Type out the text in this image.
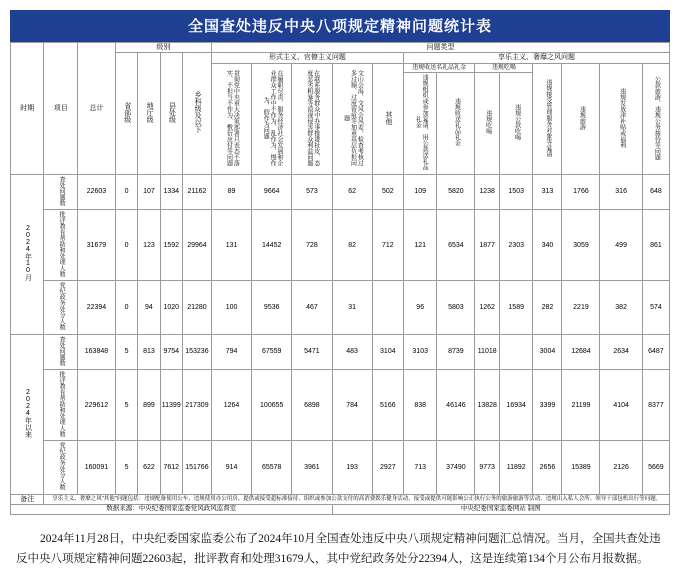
全国查处违反中央八项规定精神问题统计表
时期	项目	总计	级别				问题类型												
			省部级	地厅级	县处级	乡科级及以下	形式主义、官僚主义问题					享乐主义、奢靡之风问题							
							贯彻党中央重大决策部署只表态不落实、不担当不作为、敷衍应付等问题	在履职尽责、服务经济社会发展和企业群众工作中不作为、乱作为、慢作为、假作为问题	在联系服务群众中办事推诿扯皮、态度恶劣粗暴等漠视侵害群众利益问题	文山会海、文风会风差，检查考核过多过频、过度留痕等加重基层负担问题	其他	违规收送名礼品礼金		违规吃喝		违规接受管理服务对象等宴请	违规旅游	违规发放津补贴或福利	公款旅游、违规公务接待等问题
												违规组织或参加宴请、用公款送礼品礼金	违规收送礼品礼金	违规吃喝	违规公款吃喝				
2024年10月	查处问题数	22603	0	107	1334	21162	89	9664	573	62	502	109	5820	1238	1503	313	1766	316	648
	批评教育帮助和处理人数	31679	0	123	1592	29964	131	14452	728	82	712	121	6534	1877	2303	340	3059	499	861
	党纪政务处分人数	22394	0	94	1020	21280	100	9536	467	31		96	5803	1262	1589	282	2219	382	574
2024年以来	查处问题数	163848	5	813	9754	153236	794	67559	5471	483	3104	3103	8739	11018		3004	12684	2634	6487
	批评教育帮助和处理人数	229612	5	899	11399	217309	1264	100655	6898	784	5166	838	46146	13828	16934	3399	21199	4104	8377
	党纪政务处分人数	160091	5	622	7612	151766	914	65578	3961	193	2927	713	37490	9773	11892	2656	15389	2126	5669
备注	享乐主义、奢靡之风"其他"问题包括：违规配备使用公车、违规使用办公用房、提供或接受超标准接待、组织或参加公款支付的高消费娱乐健身活动、接受或提供可能影响公正执行公务的旅游旅游等活动、违规出入私人会所、领导干部包机出行等问题。																		
数据来源：中央纪委国家监委党风政风监督室										中央纪委国家监委网站 制图									
2024年11月28日，中央纪委国家监委公布了2024年10月全国查处违反中央八项规定精神问题汇总情况。当月，全国共查处违反中央八项规定精神问题22603起，批评教育和处理31679人，其中党纪政务处分22394人，这是连续第134个月公布月报数据。
